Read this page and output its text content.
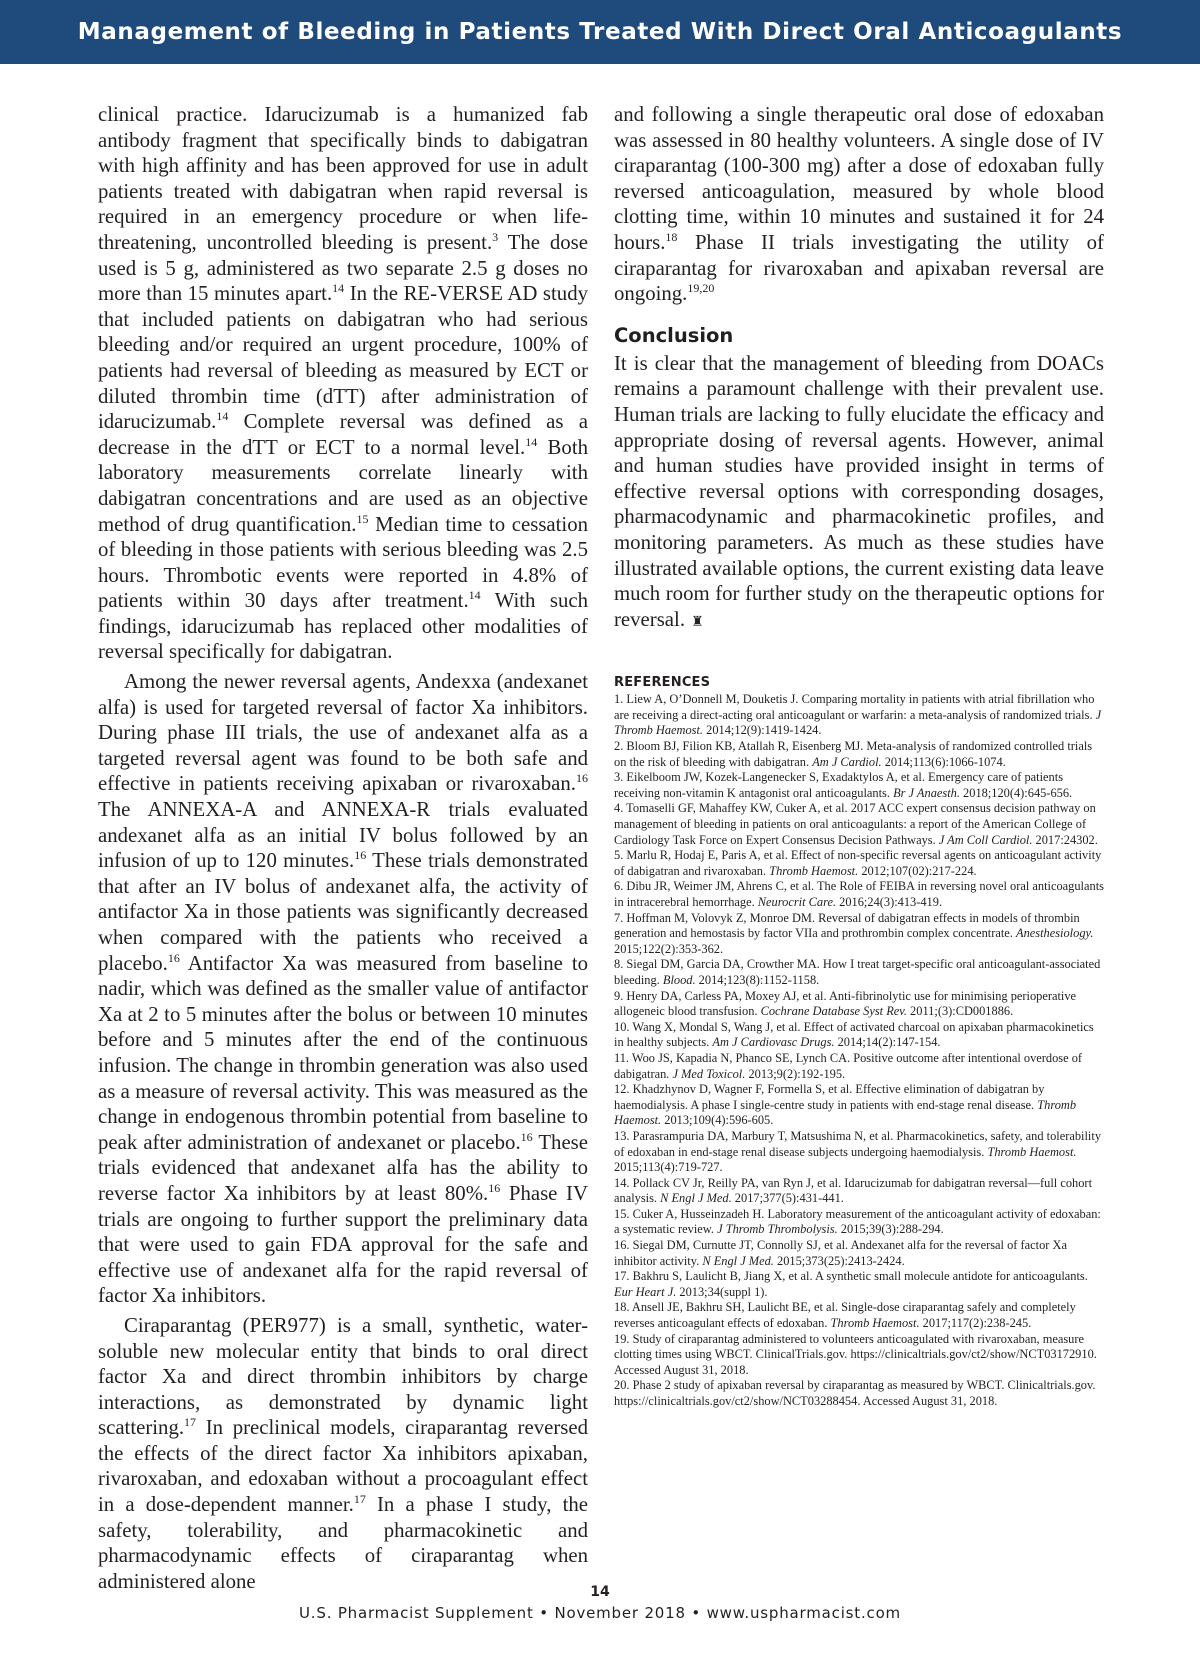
Management of Bleeding in Patients Treated With Direct Oral Anticoagulants

clinical practice. Idarucizumab is a humanized fab antibody fragment that specifically binds to dabigatran with high affinity and has been approved for use in adult patients treated with dabigatran when rapid reversal is required in an emergency procedure or when life-threatening, uncontrolled bleeding is present.$^3$ The dose used is 5 g, administered as two separate 2.5 g doses no more than 15 minutes apart.$^{14}$ In the RE-VERSE AD study that included patients on dabigatran who had serious bleeding and/or required an urgent procedure, 100% of patients had reversal of bleeding as measured by ECT or diluted thrombin time (dTT) after administration of idarucizumab.$^{14}$ Complete reversal was defined as a decrease in the dTT or ECT to a normal level.$^{14}$ Both laboratory measurements correlate linearly with dabigatran concentrations and are used as an objective method of drug quantification.$^{15}$ Median time to cessation of bleeding in those patients with serious bleeding was 2.5 hours. Thrombotic events were reported in 4.8% of patients within 30 days after treatment.$^{14}$ With such findings, idarucizumab has replaced other modalities of reversal specifically for dabigatran.

Among the newer reversal agents, Andexxa (andexanet alfa) is used for targeted reversal of factor Xa inhibitors. During phase III trials, the use of andexanet alfa as a targeted reversal agent was found to be both safe and effective in patients receiving apixaban or rivaroxaban.$^{16}$ The ANNEXA-A and ANNEXA-R trials evaluated andexanet alfa as an initial IV bolus followed by an infusion of up to 120 minutes.$^{16}$ These trials demonstrated that after an IV bolus of andexanet alfa, the activity of antifactor Xa in those patients was significantly decreased when compared with the patients who received a placebo.$^{16}$ Antifactor Xa was measured from baseline to nadir, which was defined as the smaller value of antifactor Xa at 2 to 5 minutes after the bolus or between 10 minutes before and 5 minutes after the end of the continuous infusion. The change in thrombin generation was also used as a measure of reversal activity. This was measured as the change in endogenous thrombin potential from baseline to peak after administration of andexanet or placebo.$^{16}$ These trials evidenced that andexanet alfa has the ability to reverse factor Xa inhibitors by at least 80%.$^{16}$ Phase IV trials are ongoing to further support the preliminary data that were used to gain FDA approval for the safe and effective use of andexanet alfa for the rapid reversal of factor Xa inhibitors.

Ciraparantag (PER977) is a small, synthetic, water-soluble new molecular entity that binds to oral direct factor Xa and direct thrombin inhibitors by charge interactions, as demonstrated by dynamic light scattering.$^{17}$ In preclinical models, ciraparantag reversed the effects of the direct factor Xa inhibitors apixaban, rivaroxaban, and edoxaban without a procoagulant effect in a dose-dependent manner.$^{17}$ In a phase I study, the safety, tolerability, and pharmacokinetic and pharmacodynamic effects of ciraparantag when administered alone

and following a single therapeutic oral dose of edoxaban was assessed in 80 healthy volunteers. A single dose of IV ciraparantag (100-300 mg) after a dose of edoxaban fully reversed anticoagulation, measured by whole blood clotting time, within 10 minutes and sustained it for 24 hours.$^{18}$ Phase II trials investigating the utility of ciraparantag for rivaroxaban and apixaban reversal are ongoing.$^{19,20}$

Conclusion

It is clear that the management of bleeding from DOACs remains a paramount challenge with their prevalent use. Human trials are lacking to fully elucidate the efficacy and appropriate dosing of reversal agents. However, animal and human studies have provided insight in terms of effective reversal options with corresponding dosages, pharmacodynamic and pharmacokinetic profiles, and monitoring parameters. As much as these studies have illustrated available options, the current existing data leave much room for further study on the therapeutic options for reversal. ♜

REFERENCES
1. Liew A, O’Donnell M, Douketis J. Comparing mortality in patients with atrial fibrillation who are receiving a direct-acting oral anticoagulant or warfarin: a meta-analysis of randomized trials. J Thromb Haemost. 2014;12(9):1419-1424.
2. Bloom BJ, Filion KB, Atallah R, Eisenberg MJ. Meta-analysis of randomized controlled trials on the risk of bleeding with dabigatran. Am J Cardiol. 2014;113(6):1066-1074.
3. Eikelboom JW, Kozek-Langenecker S, Exadaktylos A, et al. Emergency care of patients receiving non-vitamin K antagonist oral anticoagulants. Br J Anaesth. 2018;120(4):645-656.
4. Tomaselli GF, Mahaffey KW, Cuker A, et al. 2017 ACC expert consensus decision pathway on management of bleeding in patients on oral anticoagulants: a report of the American College of Cardiology Task Force on Expert Consensus Decision Pathways. J Am Coll Cardiol. 2017:24302.
5. Marlu R, Hodaj E, Paris A, et al. Effect of non-specific reversal agents on anticoagulant activity of dabigatran and rivaroxaban. Thromb Haemost. 2012;107(02):217-224.
6. Dibu JR, Weimer JM, Ahrens C, et al. The Role of FEIBA in reversing novel oral anticoagulants in intracerebral hemorrhage. Neurocrit Care. 2016;24(3):413-419.
7. Hoffman M, Volovyk Z, Monroe DM. Reversal of dabigatran effects in models of thrombin generation and hemostasis by factor VIIa and prothrombin complex concentrate. Anesthesiology. 2015;122(2):353-362.
8. Siegal DM, Garcia DA, Crowther MA. How I treat target-specific oral anticoagulant-associated bleeding. Blood. 2014;123(8):1152-1158.
9. Henry DA, Carless PA, Moxey AJ, et al. Anti-fibrinolytic use for minimising perioperative allogeneic blood transfusion. Cochrane Database Syst Rev. 2011;(3):CD001886.
10. Wang X, Mondal S, Wang J, et al. Effect of activated charcoal on apixaban pharmacokinetics in healthy subjects. Am J Cardiovasc Drugs. 2014;14(2):147-154.
11. Woo JS, Kapadia N, Phanco SE, Lynch CA. Positive outcome after intentional overdose of dabigatran. J Med Toxicol. 2013;9(2):192-195.
12. Khadzhynov D, Wagner F, Formella S, et al. Effective elimination of dabigatran by haemodialysis. A phase I single-centre study in patients with end-stage renal disease. Thromb Haemost. 2013;109(4):596-605.
13. Parasrampuria DA, Marbury T, Matsushima N, et al. Pharmacokinetics, safety, and tolerability of edoxaban in end-stage renal disease subjects undergoing haemodialysis. Thromb Haemost. 2015;113(4):719-727.
14. Pollack CV Jr, Reilly PA, van Ryn J, et al. Idarucizumab for dabigatran reversal—full cohort analysis. N Engl J Med. 2017;377(5):431-441.
15. Cuker A, Husseinzadeh H. Laboratory measurement of the anticoagulant activity of edoxaban: a systematic review. J Thromb Thrombolysis. 2015;39(3):288-294.
16. Siegal DM, Curnutte JT, Connolly SJ, et al. Andexanet alfa for the reversal of factor Xa inhibitor activity. N Engl J Med. 2015;373(25):2413-2424.
17. Bakhru S, Laulicht B, Jiang X, et al. A synthetic small molecule antidote for anticoagulants. Eur Heart J. 2013;34(suppl 1).
18. Ansell JE, Bakhru SH, Laulicht BE, et al. Single-dose ciraparantag safely and completely reverses anticoagulant effects of edoxaban. Thromb Haemost. 2017;117(2):238-245.
19. Study of ciraparantag administered to volunteers anticoagulated with rivaroxaban, measure clotting times using WBCT. ClinicalTrials.gov. https://clinicaltrials.gov/ct2/show/NCT03172910. Accessed August 31, 2018.
20. Phase 2 study of apixaban reversal by ciraparantag as measured by WBCT. Clinicaltrials.gov. https://clinicaltrials.gov/ct2/show/NCT03288454. Accessed August 31, 2018.
14
U.S. Pharmacist Supplement • November 2018 • www.uspharmacist.com
